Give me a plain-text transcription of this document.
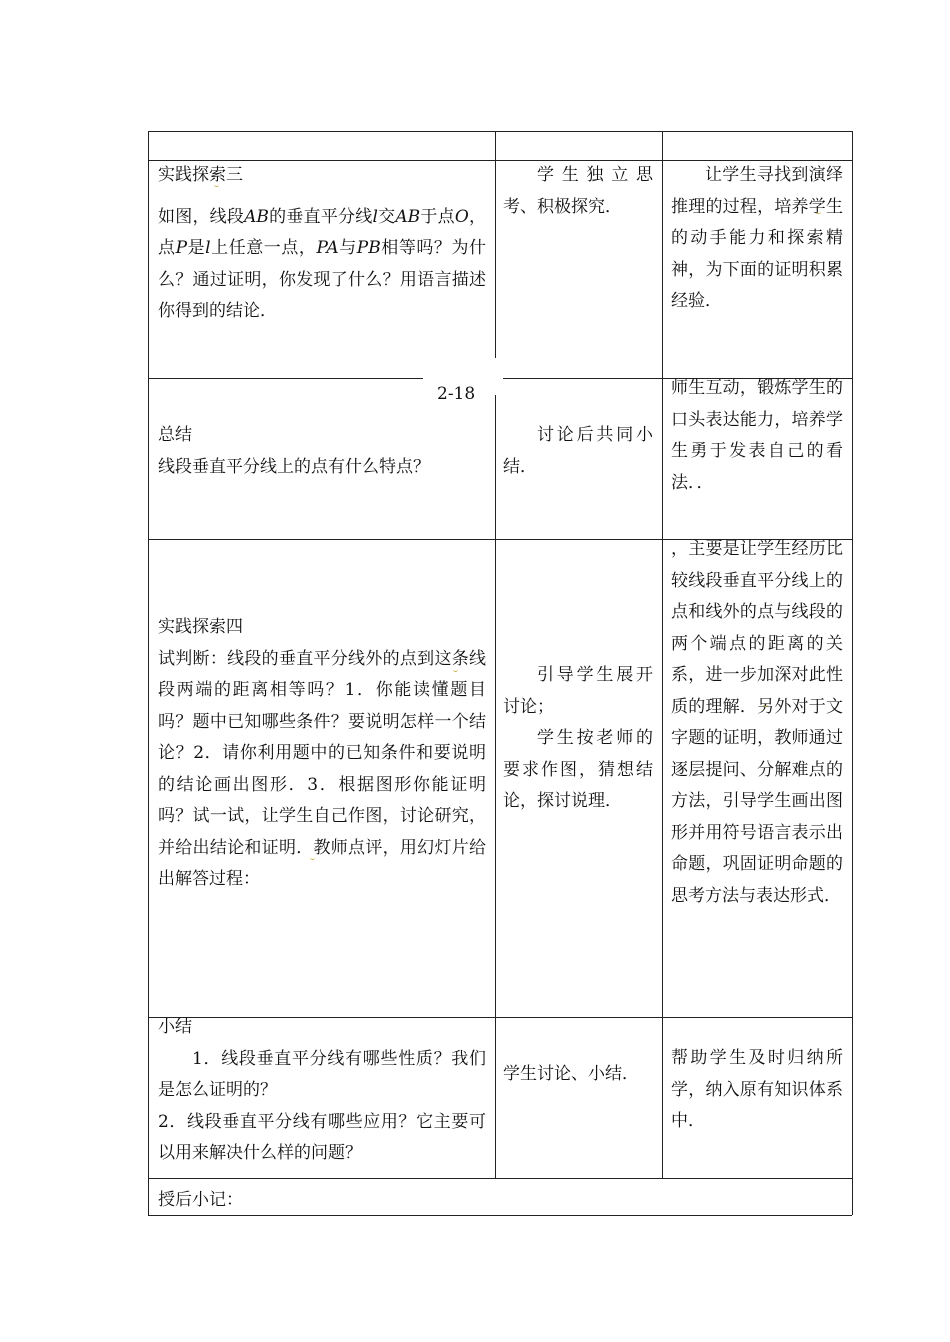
实践探索三
如图，线段AB的垂直平分线l交AB于点O，点P是l上任意一点，PA与PB相等吗？为什么？通过证明，你发现了什么？用语言描述你得到的结论．
学生独立思考、积极探究．
让学生寻找到演绎推理的过程，培养学生的动手能力和探索精神，为下面的证明积累经验．
2-18
总结
线段垂直平分线上的点有什么特点？
讨论后共同小结．
师生互动，锻炼学生的口头表达能力，培养学生勇于发表自己的看法．．
实践探索四
试判断：线段的垂直平分线外的点到这条线段两端的距离相等吗？1．你能读懂题目吗？题中已知哪些条件？要说明怎样一个结论？2．请你利用题中的已知条件和要说明的结论画出图形．3．根据图形你能证明吗？试一试，让学生自己作图，讨论研究，并给出结论和证明．教师点评，用幻灯片给出解答过程：
引导学生展开讨论；
学生按老师的要求作图，猜想结论，探讨说理．
，主要是让学生经历比较线段垂直平分线上的点和线外的点与线段的两个端点的距离的关系，进一步加深对此性质的理解．另外对于文字题的证明，教师通过逐层提问、分解难点的方法，引导学生画出图形并用符号语言表示出命题，巩固证明命题的思考方法与表达形式．
小结
1．线段垂直平分线有哪些性质？我们是怎么证明的？
2．线段垂直平分线有哪些应用？它主要可以用来解决什么样的问题？
学生讨论、小结．
帮助学生及时归纳所学，纳入原有知识体系中．
授后小记：
